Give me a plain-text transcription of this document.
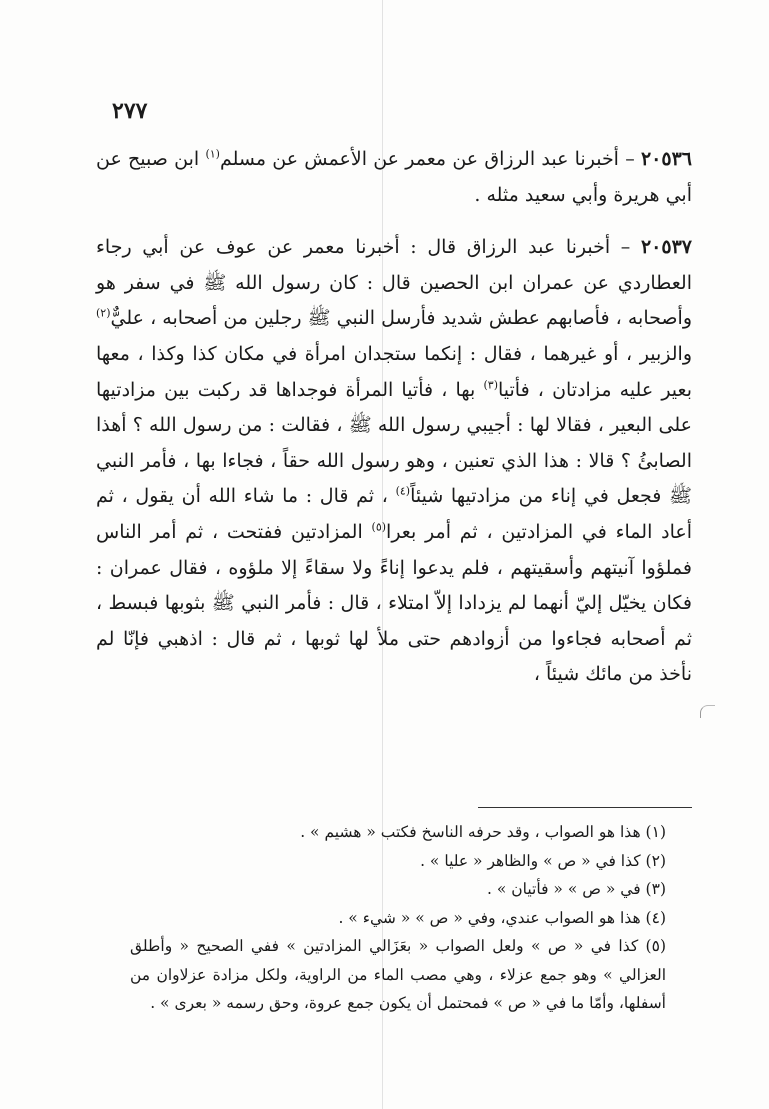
٢٧٧

٢٠٥٣٦ – أخبرنا عبد الرزاق عن معمر عن الأعمش عن مسلم$^{(١)}$ ابن صبيح عن أبي هريرة وأبي سعيد مثله .

٢٠٥٣٧ – أخبرنا عبد الرزاق قال : أخبرنا معمر عن عوف عن أبي رجاء العطاردي عن عمران ابن الحصين قال : كان رسول الله ﷺ في سفر هو وأصحابه ، فأصابهم عطش شديد فأرسل النبي ﷺ رجلين من أصحابه ، عليٌّ$^{(٢)}$ والزبير ، أو غيرهما ، فقال : إنكما ستجدان امرأة في مكان كذا وكذا ، معها بعير عليه مزادتان ، فأتيا$^{(٣)}$ بها ، فأتيا المرأة فوجداها قد ركبت بين مزادتيها على البعير ، فقالا لها : أجيبي رسول الله ﷺ ، فقالت : من رسول الله ؟ أهذا الصابئُ ؟ قالا : هذا الذي تعنين ، وهو رسول الله حقاً ، فجاءا بها ، فأمر النبي ﷺ فجعل في إناء من مزادتيها شيئاً$^{(٤)}$ ، ثم قال : ما شاء الله أن يقول ، ثم أعاد الماء في المزادتين ، ثم أمر بعرا$^{(٥)}$ المزادتين ففتحت ، ثم أمر الناس فملؤوا آنيتهم وأسقيتهم ، فلم يدعوا إناءً ولا سقاءً إلا ملؤوه ، فقال عمران : فكان يخيّل إليّ أنهما لم يزدادا إلاّ امتلاء ، قال : فأمر النبي ﷺ بثوبها فبسط ، ثم أصحابه فجاءوا من أزوادهم حتى ملأ لها ثوبها ، ثم قال : اذهبي فإنّا لم نأخذ من مائك شيئاً ،

(١) هذا هو الصواب ، وقد حرفه الناسخ فكتب « هشيم » .

(٢) كذا في « ص » والظاهر « عليا » .

(٣) في « ص » « فأتيان » .

(٤) هذا هو الصواب عندي، وفي « ص » « شيء » .

(٥) كذا في « ص » ولعل الصواب « بعَزَالي المزادتين » ففي الصحيح « وأطلق العزالي » وهو جمع عزلاء ، وهي مصب الماء من الراوية، ولكل مزادة عزلاوان من أسفلها، وأمّا ما في « ص » فمحتمل أن يكون جمع عروة، وحق رسمه « بعرى » .
